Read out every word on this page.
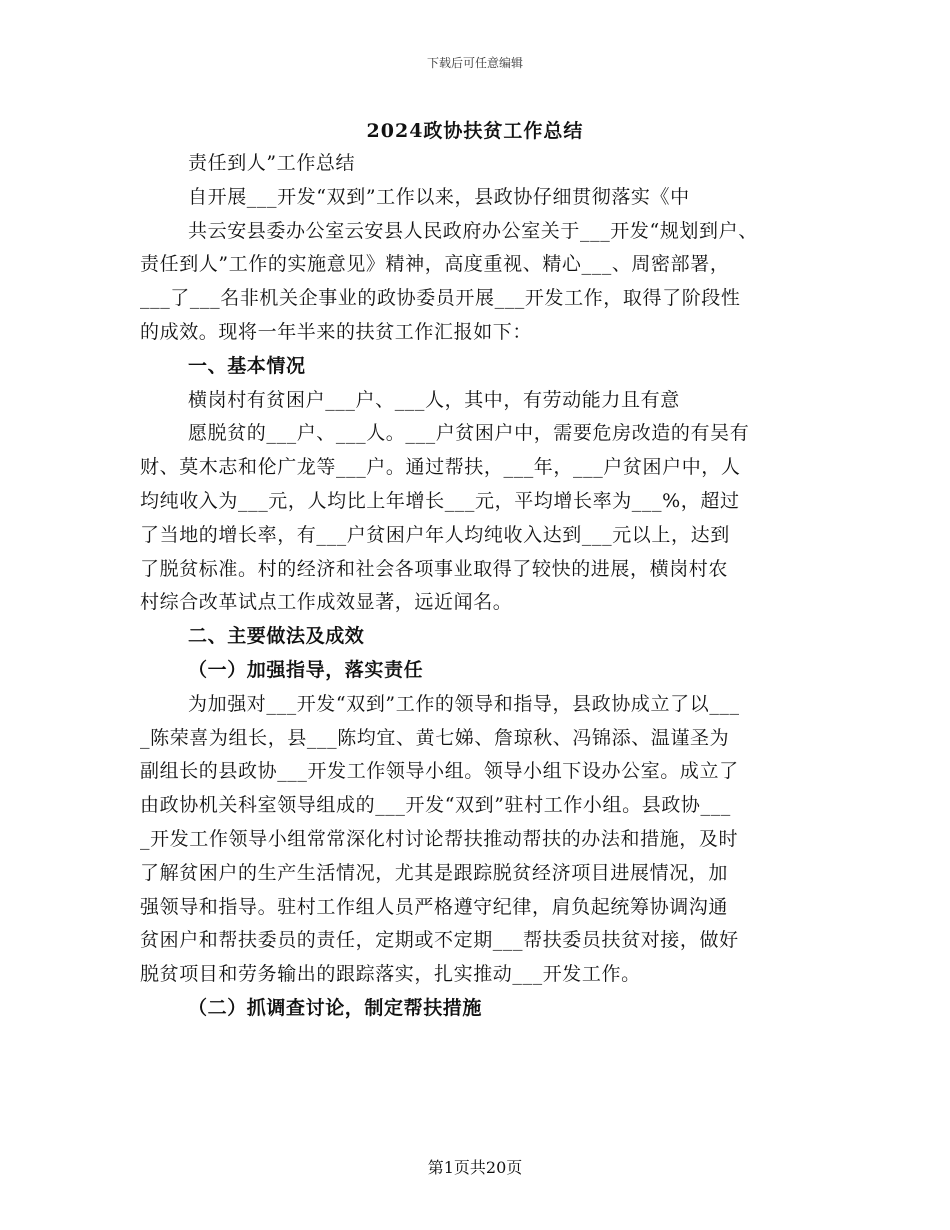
下载后可任意编辑
2024政协扶贫工作总结
责任到人”工作总结
自开展___开发“双到”工作以来，县政协仔细贯彻落实《中
共云安县委办公室云安县人民政府办公室关于___开发“规划到户、
责任到人”工作的实施意见》精神，高度重视、精心___、周密部署，
___了___名非机关企事业的政协委员开展___开发工作，取得了阶段性
的成效。现将一年半来的扶贫工作汇报如下：
一、基本情况
横岗村有贫困户___户、___人，其中，有劳动能力且有意
愿脱贫的___户、___人。___户贫困户中，需要危房改造的有吴有
财、莫木志和伦广龙等___户。通过帮扶，___年，___户贫困户中，人
均纯收入为___元，人均比上年增长___元，平均增长率为___%，超过
了当地的增长率，有___户贫困户年人均纯收入达到___元以上，达到
了脱贫标准。村的经济和社会各项事业取得了较快的进展，横岗村农
村综合改革试点工作成效显著，远近闻名。
二、主要做法及成效
（一）加强指导，落实责任
为加强对___开发“双到”工作的领导和指导，县政协成立了以___
_陈荣喜为组长，县___陈均宜、黄七娣、詹琼秋、冯锦添、温谨圣为
副组长的县政协___开发工作领导小组。领导小组下设办公室。成立了
由政协机关科室领导组成的___开发“双到”驻村工作小组。县政协___
_开发工作领导小组常常深化村讨论帮扶推动帮扶的办法和措施，及时
了解贫困户的生产生活情况，尤其是跟踪脱贫经济项目进展情况，加
强领导和指导。驻村工作组人员严格遵守纪律，肩负起统筹协调沟通
贫困户和帮扶委员的责任，定期或不定期___帮扶委员扶贫对接，做好
脱贫项目和劳务输出的跟踪落实，扎实推动___开发工作。
（二）抓调查讨论，制定帮扶措施
第1页共20页
